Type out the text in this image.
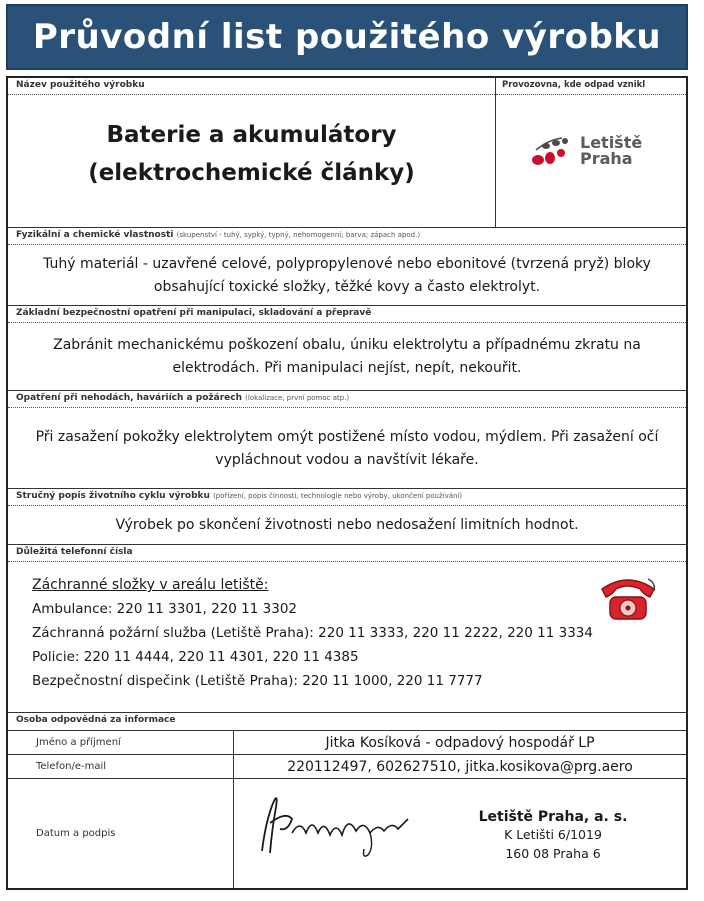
Průvodní list použitého výrobku
Název použitého výrobku
Baterie a akumulátory
(elektrochemické články)
Provozovna, kde odpad vznikl
Letiště
Praha
Fyzikální a chemické vlastnosti (skupenství - tuhý, sypký, typný, nehomogenní; barva; zápach apod.)
Tuhý materiál - uzavřené celové, polypropylenové nebo ebonitové (tvrzená pryž) bloky
obsahující toxické složky, těžké kovy a často elektrolyt.
Základní bezpečnostní opatření při manipulaci, skladování a přepravě
Zabránit mechanickému poškození obalu, úniku elektrolytu a případnému zkratu na
elektrodách. Při manipulaci nejíst, nepít, nekouřit.
Opatření při nehodách, haváriích a požárech (lokalizace, první pomoc atp.)
Při zasažení pokožky elektrolytem omýt postižené místo vodou, mýdlem. Při zasažení očí
vypláchnout vodou a navštívit lékaře.
Stručný popis životního cyklu výrobku (pořízení, popis činnosti, technologie nebo výroby, ukončení používání)
Výrobek po skončení životnosti nebo nedosažení limitních hodnot.
Důležitá telefonní čísla
Záchranné složky v areálu letiště:
Ambulance: 220 11 3301, 220 11 3302
Záchranná požární služba (Letiště Praha): 220 11 3333, 220 11 2222, 220 11 3334
Policie: 220 11 4444, 220 11 4301, 220 11 4385
Bezpečnostní dispečink (Letiště Praha): 220 11 1000, 220 11 7777
Osoba odpovědná za informace
Jméno a příjmení	Jitka Kosíková - odpadový hospodář LP
Telefon/e-mail	220112497, 602627510, jitka.kosikova@prg.aero
Datum a podpis
Letiště Praha, a. s.
K Letišti 6/1019
160 08 Praha 6
